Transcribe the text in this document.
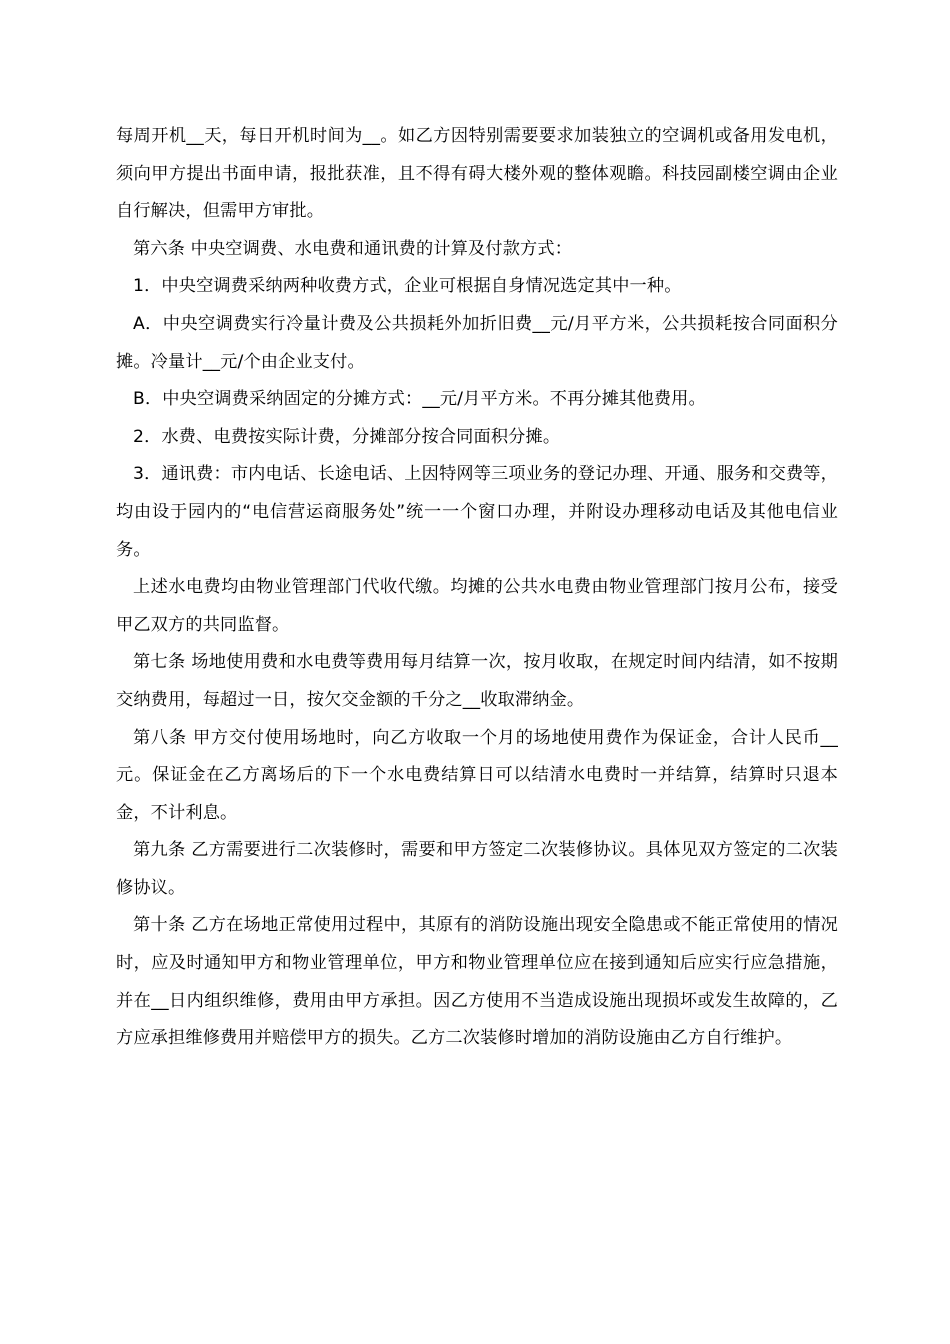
每周开机__天，每日开机时间为__。如乙方因特别需要要求加装独立的空调机或备用发电机，须向甲方提出书面申请，报批获准，且不得有碍大楼外观的整体观瞻。科技园副楼空调由企业自行解决，但需甲方审批。

第六条 中央空调费、水电费和通讯费的计算及付款方式：

1．中央空调费采纳两种收费方式，企业可根据自身情况选定其中一种。

A．中央空调费实行冷量计费及公共损耗外加折旧费__元/月平方米，公共损耗按合同面积分摊。冷量计__元/个由企业支付。

B．中央空调费采纳固定的分摊方式：__元/月平方米。不再分摊其他费用。

2．水费、电费按实际计费，分摊部分按合同面积分摊。

3．通讯费：市内电话、长途电话、上因特网等三项业务的登记办理、开通、服务和交费等，均由设于园内的“电信营运商服务处”统一一个窗口办理，并附设办理移动电话及其他电信业务。

上述水电费均由物业管理部门代收代缴。均摊的公共水电费由物业管理部门按月公布，接受甲乙双方的共同监督。

第七条 场地使用费和水电费等费用每月结算一次，按月收取，在规定时间内结清，如不按期交纳费用，每超过一日，按欠交金额的千分之__收取滞纳金。

第八条 甲方交付使用场地时，向乙方收取一个月的场地使用费作为保证金，合计人民币__元。保证金在乙方离场后的下一个水电费结算日可以结清水电费时一并结算，结算时只退本金，不计利息。

第九条 乙方需要进行二次装修时，需要和甲方签定二次装修协议。具体见双方签定的二次装修协议。

第十条 乙方在场地正常使用过程中，其原有的消防设施出现安全隐患或不能正常使用的情况时，应及时通知甲方和物业管理单位，甲方和物业管理单位应在接到通知后应实行应急措施，并在__日内组织维修，费用由甲方承担。因乙方使用不当造成设施出现损坏或发生故障的，乙方应承担维修费用并赔偿甲方的损失。乙方二次装修时增加的消防设施由乙方自行维护。
